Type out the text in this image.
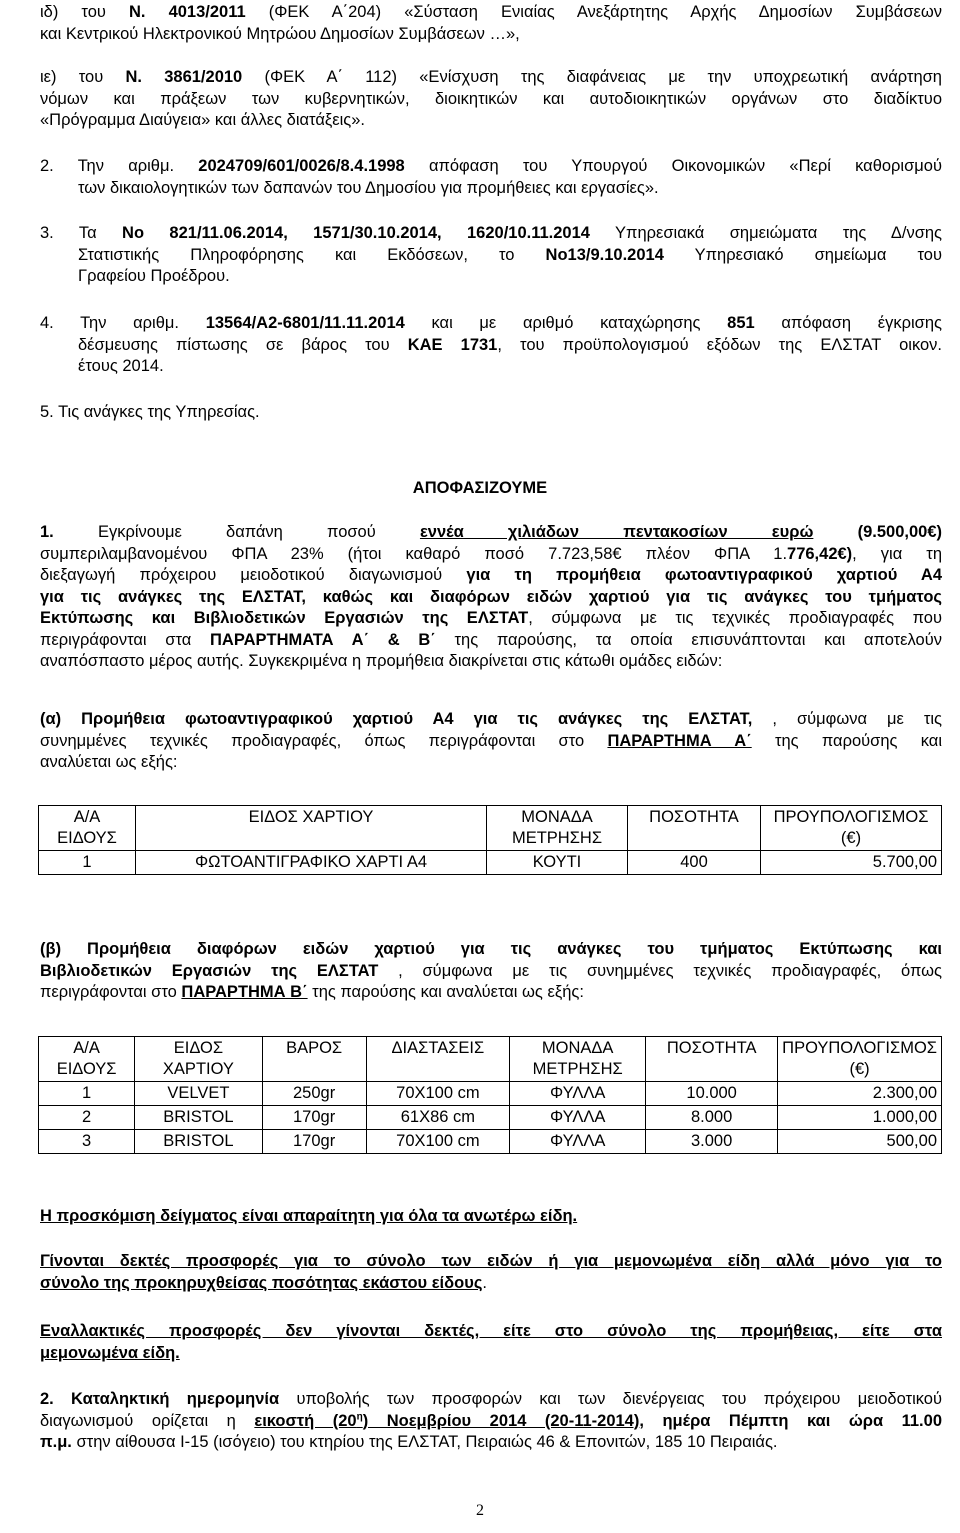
ιδ) του Ν. 4013/2011 (ΦΕΚ Α΄204) «Σύσταση Ενιαίας Ανεξάρτητης Αρχής Δημοσίων Συμβάσεων
και Κεντρικού Ηλεκτρονικού Μητρώου Δημοσίων Συμβάσεων …»,
ιε) του Ν. 3861/2010 (ΦΕΚ Α΄ 112) «Ενίσχυση της διαφάνειας με την υποχρεωτική ανάρτηση
νόμων και πράξεων των κυβερνητικών, διοικητικών και αυτοδιοικητικών οργάνων στο διαδίκτυο
«Πρόγραμμα Διαύγεια» και άλλες διατάξεις».
2. Την αριθμ. 2024709/601/0026/8.4.1998 απόφαση του Υπουργού Οικονομικών «Περί καθορισμού
των δικαιολογητικών των δαπανών του Δημοσίου για προμήθειες και εργασίες».
3. Τα Νο 821/11.06.2014, 1571/30.10.2014, 1620/10.11.2014 Υπηρεσιακά σημειώματα της Δ/νσης
Στατιστικής Πληροφόρησης και Εκδόσεων, το Νο13/9.10.2014 Υπηρεσιακό σημείωμα του
Γραφείου Προέδρου.
4. Την αριθμ. 13564/Α2-6801/11.11.2014 και με αριθμό καταχώρησης 851 απόφαση έγκρισης
δέσμευσης πίστωσης σε βάρος του ΚΑΕ 1731, του προϋπολογισμού εξόδων της ΕΛΣΤΑΤ οικον.
έτους 2014.
5. Τις ανάγκες της Υπηρεσίας.
ΑΠΟΦΑΣΙΖΟΥΜΕ
1. Εγκρίνουμε δαπάνη ποσού εννέα χιλιάδων πεντακοσίων ευρώ	(9.500,00€)
συμπεριλαμβανομένου ΦΠΑ 23% (ήτοι καθαρό ποσό 7.723,58€ πλέον ΦΠΑ 1.776,42€), για τη
διεξαγωγή πρόχειρου μειοδοτικού διαγωνισμού για τη προμήθεια φωτοαντιγραφικού χαρτιού Α4
για τις ανάγκες της ΕΛΣΤΑΤ, καθώς και διαφόρων ειδών χαρτιού για τις ανάγκες του τμήματος
Εκτύπωσης και Βιβλιοδετικών Εργασιών της ΕΛΣΤΑΤ, σύμφωνα με τις τεχνικές προδιαγραφές που
περιγράφονται στα ΠΑΡΑΡΤΗΜΑΤΑ Α΄ & Β΄ της παρούσης, τα οποία επισυνάπτονται και αποτελούν
αναπόσπαστο μέρος αυτής. Συγκεκριμένα η προμήθεια διακρίνεται στις κάτωθι ομάδες ειδών:
(α) Προμήθεια φωτοαντιγραφικού χαρτιού Α4 για τις ανάγκες της ΕΛΣΤΑΤ, , σύμφωνα με τις
συνημμένες τεχνικές προδιαγραφές, όπως περιγράφονται στο ΠΑΡΑΡΤΗΜΑ Α΄ της παρούσης και
αναλύεται ως εξής:
Α/Α ΕΙΔΟΥΣ	ΕΙΔΟΣ ΧΑΡΤΙΟΥ	ΜΟΝΑΔΑ ΜΕΤΡΗΣΗΣ	ΠΟΣΟΤΗΤΑ	ΠΡΟΥΠΟΛΟΓΙΣΜΟΣ (€)
1	ΦΩΤΟΑΝΤΙΓΡΑΦΙΚΟ ΧΑΡΤΙ Α4	ΚΟΥΤΙ	400	5.700,00
(β) Προμήθεια διαφόρων ειδών χαρτιού για τις ανάγκες του τμήματος Εκτύπωσης και
Βιβλιοδετικών Εργασιών της ΕΛΣΤΑΤ , σύμφωνα με τις συνημμένες τεχνικές προδιαγραφές, όπως
περιγράφονται στο ΠΑΡΑΡΤΗΜΑ Β΄ της παρούσης και αναλύεται ως εξής:
Α/Α ΕΙΔΟΥΣ	ΕΙΔΟΣ ΧΑΡΤΙΟΥ	ΒΑΡΟΣ	ΔΙΑΣΤΑΣΕΙΣ	ΜΟΝΑΔΑ ΜΕΤΡΗΣΗΣ	ΠΟΣΟΤΗΤΑ	ΠΡΟΥΠΟΛΟΓΙΣΜΟΣ (€)
1	VELVET	250gr	70X100 cm	ΦΥΛΛΑ	10.000	2.300,00
2	BRISTOL	170gr	61X86 cm	ΦΥΛΛΑ	8.000	1.000,00
3	BRISTOL	170gr	70X100 cm	ΦΥΛΛΑ	3.000	500,00
Η προσκόμιση δείγματος είναι απαραίτητη για όλα τα ανωτέρω είδη.
Γίνονται δεκτές προσφορές για το σύνολο των ειδών ή για μεμονωμένα είδη αλλά μόνο για το
σύνολο της προκηρυχθείσας ποσότητας εκάστου είδους.
Εναλλακτικές προσφορές δεν γίνονται δεκτές, είτε στο σύνολο της προμήθειας, είτε στα
μεμονωμένα είδη.
2. Καταληκτική ημερομηνία υποβολής των προσφορών και των διενέργειας του πρόχειρου μειοδοτικού
διαγωνισμού ορίζεται η εικοστή $(20^\eta)$ Νοεμβρίου 2014 (20-11-2014), ημέρα Πέμπτη και ώρα 11.00
π.μ. στην αίθουσα Ι-15 (ισόγειο) του κτηρίου της ΕΛΣΤΑΤ, Πειραιώς 46 & Επονιτών, 185 10 Πειραιάς.
2
